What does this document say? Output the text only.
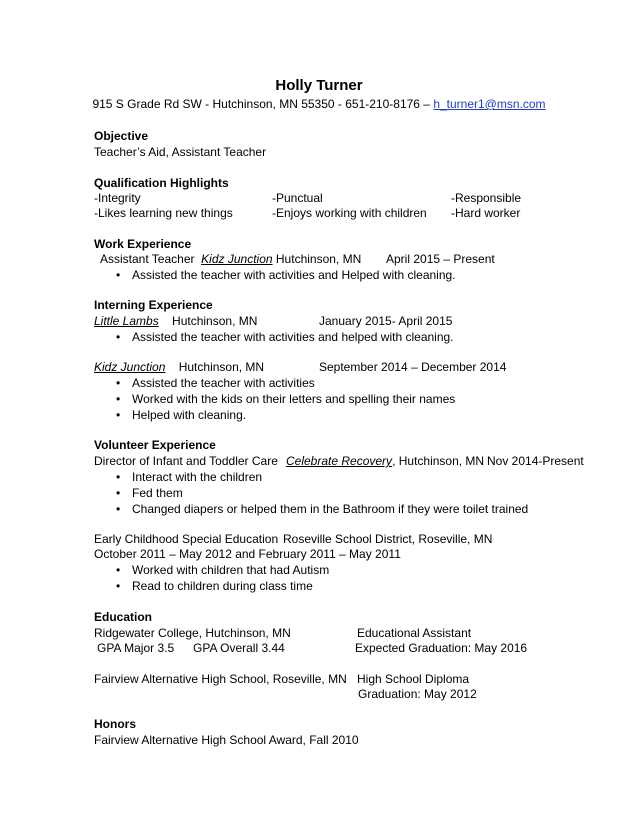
Holly Turner
915 S Grade Rd SW - Hutchinson, MN 55350 - 651-210-8176 – h_turner1@msn.com
Objective
Teacher’s Aid, Assistant Teacher
Qualification Highlights
-Integrity	-Punctual	-Responsible
-Likes learning new things	-Enjoys working with children -Hard worker
Work Experience
Assistant Teacher Kidz Junction Hutchinson, MN April 2015 – Present
• Assisted the teacher with activities and Helped with cleaning.
Interning Experience
Little Lambs Hutchinson, MN	January 2015- April 2015
• Assisted the teacher with activities and helped with cleaning.
Kidz Junction Hutchinson, MN	September 2014 – December 2014
• Assisted the teacher with activities
• Worked with the kids on their letters and spelling their names
• Helped with cleaning.
Volunteer Experience
Director of Infant and Toddler Care Celebrate Recovery, Hutchinson, MN Nov 2014-Present
• Interact with the children
• Fed them
• Changed diapers or helped them in the Bathroom if they were toilet trained
Early Childhood Special Education Roseville School District, Roseville, MN
October 2011 – May 2012 and February 2011 – May 2011
• Worked with children that had Autism
• Read to children during class time
Education
Ridgewater College, Hutchinson, MN	Educational Assistant
GPA Major 3.5 GPA Overall 3.44	Expected Graduation: May 2016
Fairview Alternative High School, Roseville, MN High School Diploma
Graduation: May 2012
Honors
Fairview Alternative High School Award, Fall 2010
